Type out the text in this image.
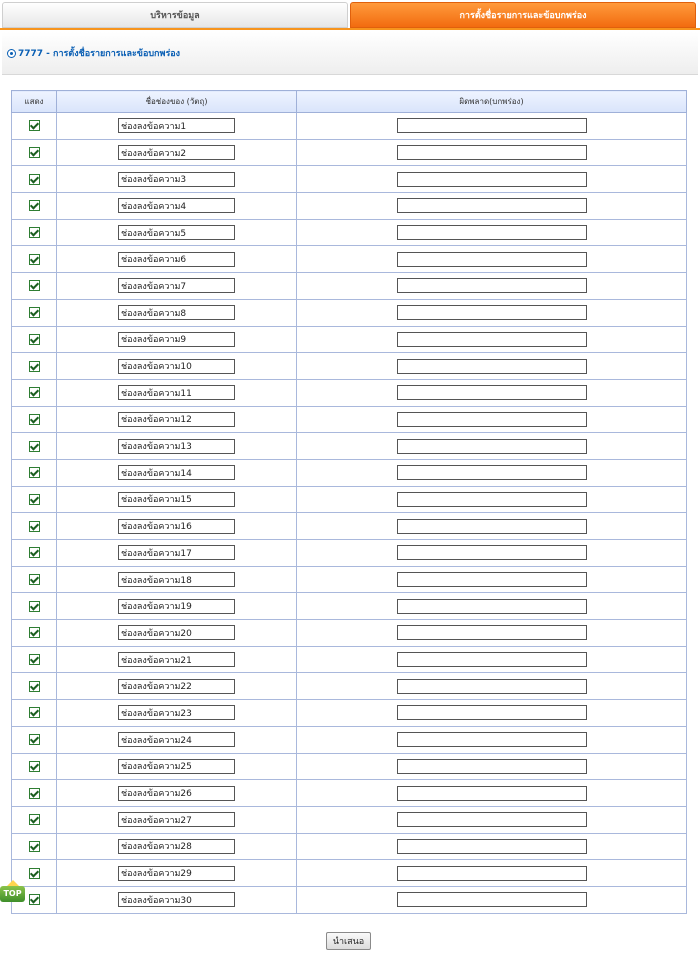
บริหารข้อมูล	การตั้งชื่อรายการและข้อบกพร่อง
7777 - การตั้งชื่อรายการและข้อบกพร่อง
แสดง	ชื่อช่องของ (วัตถุ)	ผิดพลาด(บกพร่อง)
	ช่องลงข้อความ1	
	ช่องลงข้อความ2	
	ช่องลงข้อความ3	
	ช่องลงข้อความ4	
	ช่องลงข้อความ5	
	ช่องลงข้อความ6	
	ช่องลงข้อความ7	
	ช่องลงข้อความ8	
	ช่องลงข้อความ9	
	ช่องลงข้อความ10	
	ช่องลงข้อความ11	
	ช่องลงข้อความ12	
	ช่องลงข้อความ13	
	ช่องลงข้อความ14	
	ช่องลงข้อความ15	
	ช่องลงข้อความ16	
	ช่องลงข้อความ17	
	ช่องลงข้อความ18	
	ช่องลงข้อความ19	
	ช่องลงข้อความ20	
	ช่องลงข้อความ21	
	ช่องลงข้อความ22	
	ช่องลงข้อความ23	
	ช่องลงข้อความ24	
	ช่องลงข้อความ25	
	ช่องลงข้อความ26	
	ช่องลงข้อความ27	
	ช่องลงข้อความ28	
	ช่องลงข้อความ29	
	ช่องลงข้อความ30	
นำเสนอ
TOP
